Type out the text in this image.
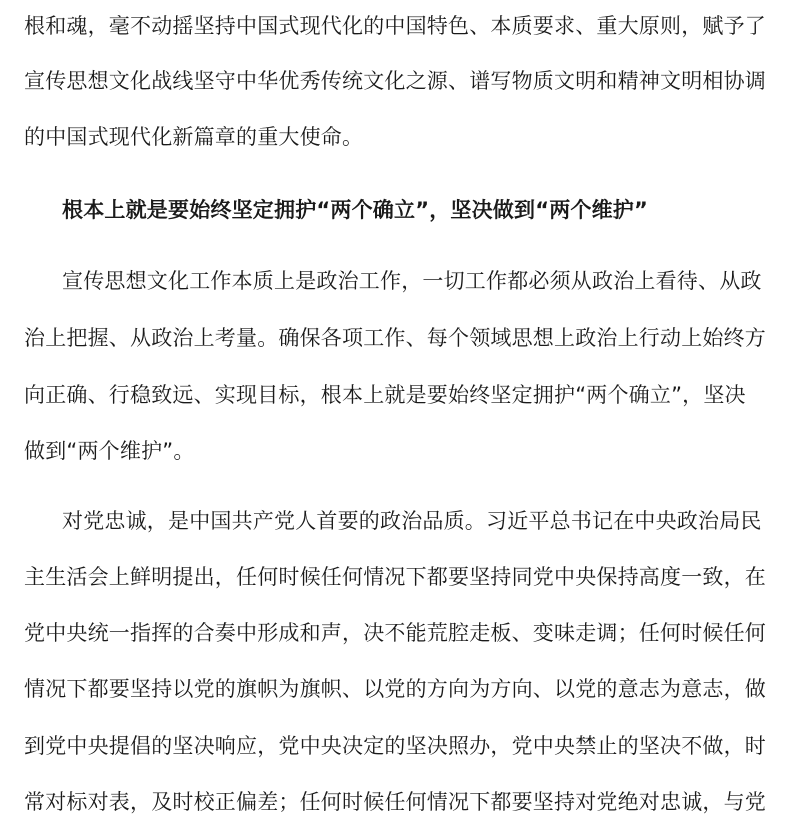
根和魂，毫不动摇坚持中国式现代化的中国特色、本质要求、重大原则，赋予了
宣传思想文化战线坚守中华优秀传统文化之源、谱写物质文明和精神文明相协调
的中国式现代化新篇章的重大使命。
根本上就是要始终坚定拥护“两个确立”，坚决做到“两个维护”
宣传思想文化工作本质上是政治工作，一切工作都必须从政治上看待、从政
治上把握、从政治上考量。确保各项工作、每个领域思想上政治上行动上始终方
向正确、行稳致远、实现目标，根本上就是要始终坚定拥护“两个确立”，坚决
做到“两个维护”。
对党忠诚，是中国共产党人首要的政治品质。习近平总书记在中央政治局民
主生活会上鲜明提出，任何时候任何情况下都要坚持同党中央保持高度一致，在
党中央统一指挥的合奏中形成和声，决不能荒腔走板、变味走调；任何时候任何
情况下都要坚持以党的旗帜为旗帜、以党的方向为方向、以党的意志为意志，做
到党中央提倡的坚决响应，党中央决定的坚决照办，党中央禁止的坚决不做，时
常对标对表，及时校正偏差；任何时候任何情况下都要坚持对党绝对忠诚，与党
